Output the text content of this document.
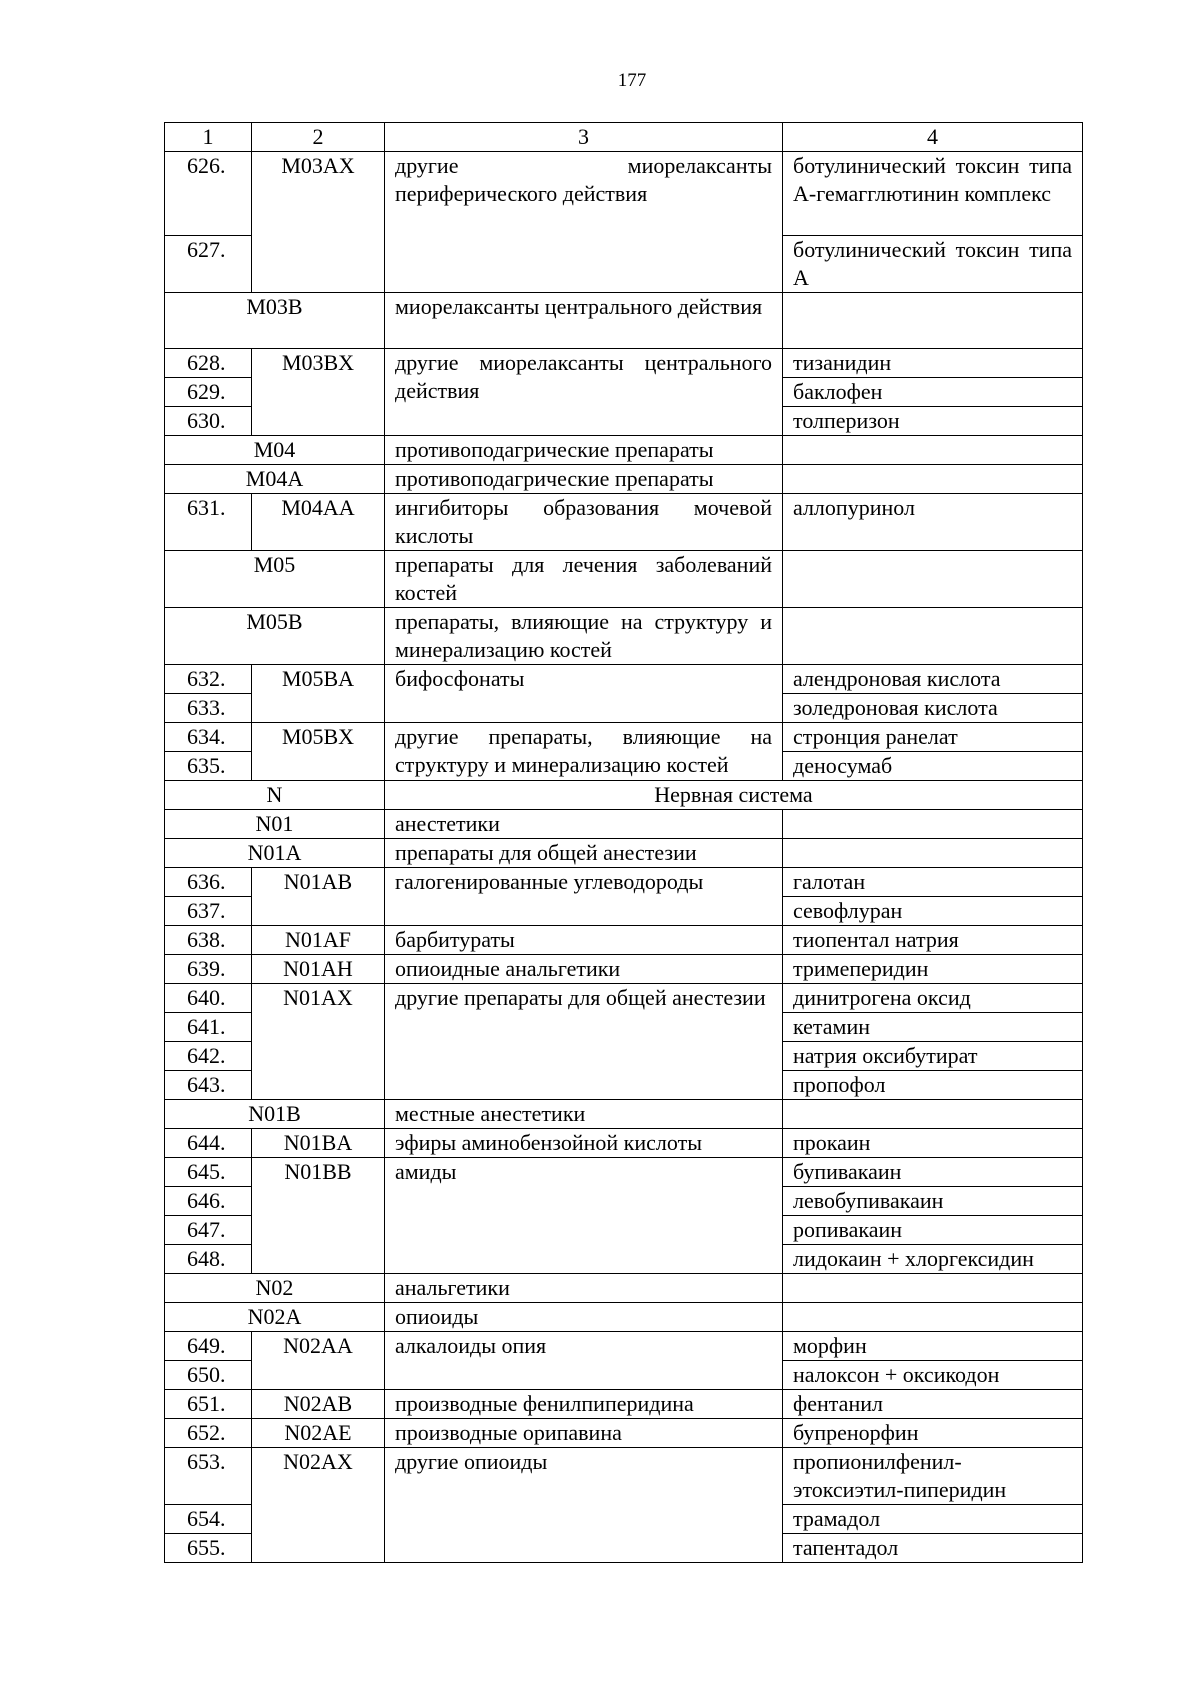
177
1	2	3	4
626.	M03AX	другие миорелаксанты периферического действия	ботулинический токсин типа А-гемагглютинин комплекс
627.			ботулинический токсин типа А
M03B		миорелаксанты центрального действия	
628.	M03BX	другие миорелаксанты центрального действия	тизанидин
629.			баклофен
630.			толперизон
M04		противоподагрические препараты	
M04A		противоподагрические препараты	
631.	M04AA	ингибиторы образования мочевой кислоты	аллопуринол
M05		препараты для лечения заболеваний костей	
M05B		препараты, влияющие на структуру и минерализацию костей	
632.	M05BA	бифосфонаты	алендроновая кислота
633.			золедроновая кислота
634.	M05BX	другие препараты, влияющие на структуру и минерализацию костей	стронция ранелат
635.			деносумаб
N		Нервная система	
N01		анестетики	
N01A		препараты для общей анестезии	
636.	N01AB	галогенированные углеводороды	галотан
637.			севофлуран
638.	N01AF	барбитураты	тиопентал натрия
639.	N01AH	опиоидные анальгетики	тримеперидин
640.	N01AX	другие препараты для общей анестезии	динитрогена оксид
641.			кетамин
642.			натрия оксибутират
643.			пропофол
N01B		местные анестетики	
644.	N01BA	эфиры аминобензойной кислоты	прокаин
645.	N01BB	амиды	бупивакаин
646.			левобупивакаин
647.			ропивакаин
648.			лидокаин + хлоргексидин
N02		анальгетики	
N02A		опиоиды	
649.	N02AA	алкалоиды опия	морфин
650.			налоксон + оксикодон
651.	N02AB	производные фенилпиперидина	фентанил
652.	N02AE	производные орипавина	бупренорфин
653.	N02AX	другие опиоиды	пропионилфенил-этоксиэтил-пиперидин
654.			трамадол
655.			тапентадол
